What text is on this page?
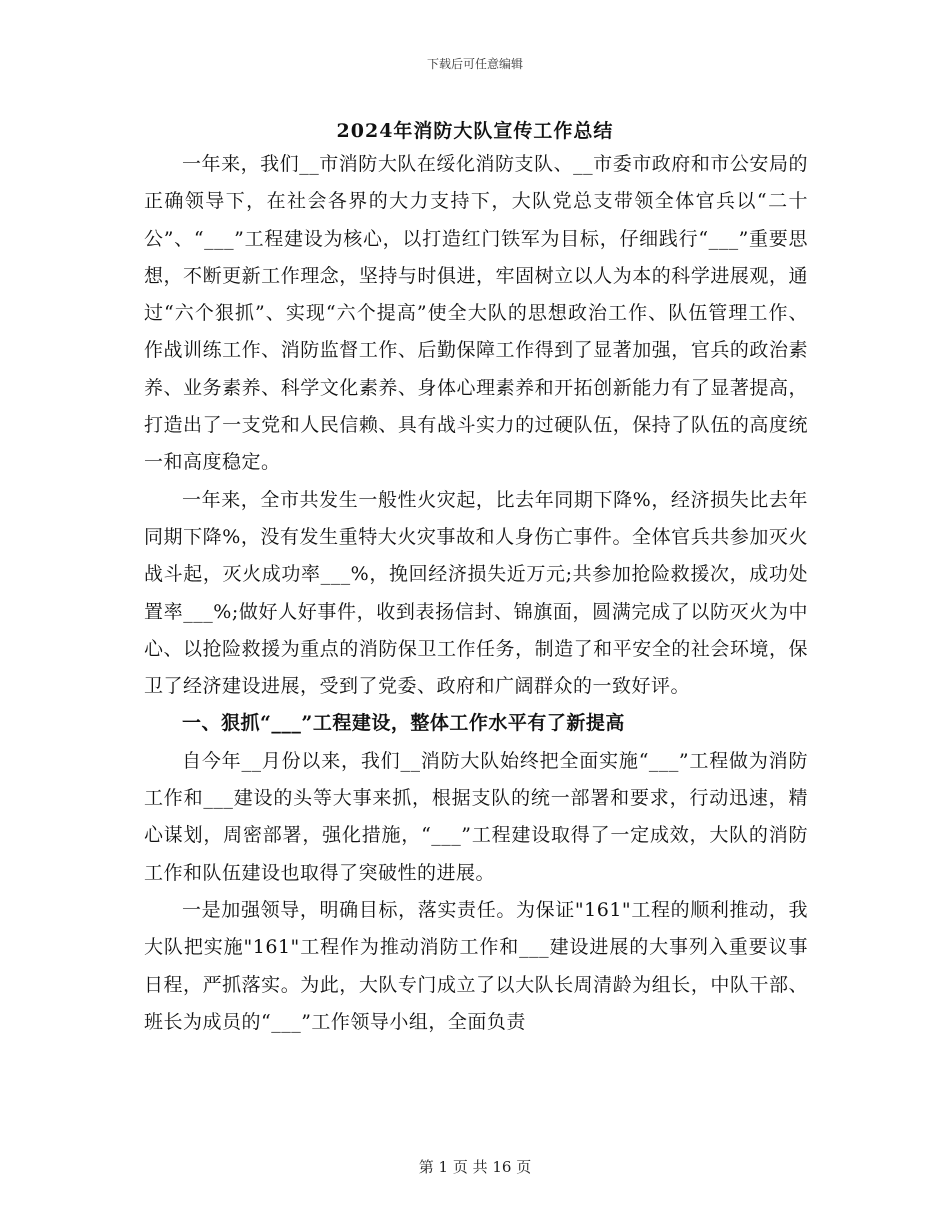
下载后可任意编辑
2024年消防大队宣传工作总结

一年来，我们__市消防大队在绥化消防支队、__市委市政府和市公安局的正确领导下，在社会各界的大力支持下，大队党总支带领全体官兵以“二十公”、“___”工程建设为核心，以打造红门铁军为目标，仔细践行“___”重要思想，不断更新工作理念，坚持与时俱进，牢固树立以人为本的科学进展观，通过“六个狠抓”、实现“六个提高”使全大队的思想政治工作、队伍管理工作、作战训练工作、消防监督工作、后勤保障工作得到了显著加强，官兵的政治素养、业务素养、科学文化素养、身体心理素养和开拓创新能力有了显著提高，打造出了一支党和人民信赖、具有战斗实力的过硬队伍，保持了队伍的高度统一和高度稳定。

一年来，全市共发生一般性火灾起，比去年同期下降%，经济损失比去年同期下降%，没有发生重特大火灾事故和人身伤亡事件。全体官兵共参加灭火战斗起，灭火成功率___%，挽回经济损失近万元;共参加抢险救援次，成功处置率___%;做好人好事件，收到表扬信封、锦旗面，圆满完成了以防灭火为中心、以抢险救援为重点的消防保卫工作任务，制造了和平安全的社会环境，保卫了经济建设进展，受到了党委、政府和广阔群众的一致好评。

一、狠抓“___”工程建设，整体工作水平有了新提高

自今年__月份以来，我们__消防大队始终把全面实施“___”工程做为消防工作和___建设的头等大事来抓，根据支队的统一部署和要求，行动迅速，精心谋划，周密部署，强化措施，“___”工程建设取得了一定成效，大队的消防工作和队伍建设也取得了突破性的进展。

一是加强领导，明确目标，落实责任。为保证"161"工程的顺利推动，我大队把实施"161"工程作为推动消防工作和___建设进展的大事列入重要议事日程，严抓落实。为此，大队专门成立了以大队长周清龄为组长，中队干部、班长为成员的“___”工作领导小组，全面负责

第 1 页 共 16 页
